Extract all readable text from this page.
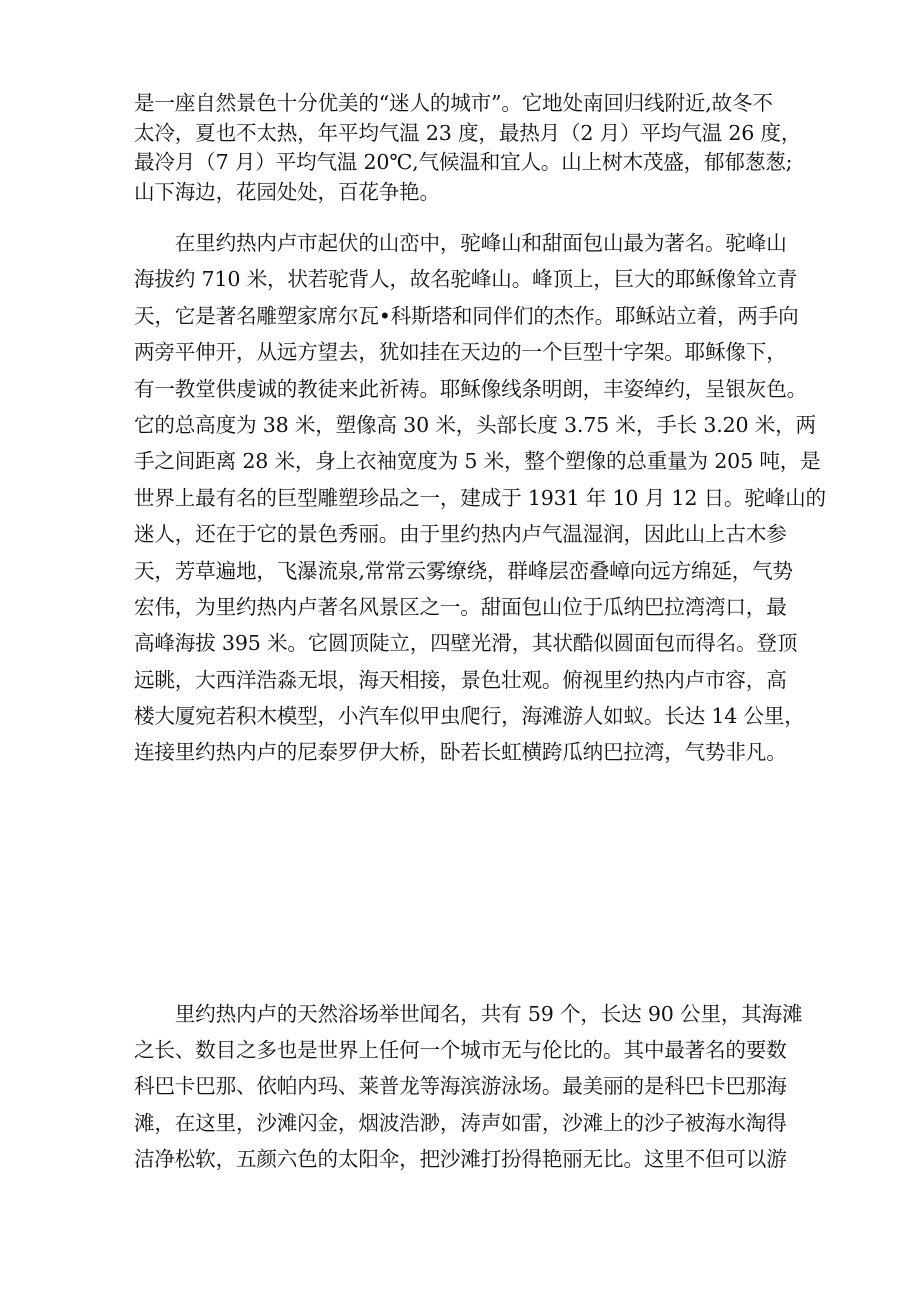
是一座自然景色十分优美的“迷人的城市”。它地处南回归线附近,故冬不
太冷，夏也不太热，年平均气温 23 度，最热月（2 月）平均气温 26 度，
最冷月（7 月）平均气温 20℃,气候温和宜人。山上树木茂盛，郁郁葱葱;
山下海边，花园处处，百花争艳。
　　在里约热内卢市起伏的山峦中，驼峰山和甜面包山最为著名。驼峰山
海拔约 710 米，状若驼背人，故名驼峰山。峰顶上，巨大的耶稣像耸立青
天，它是著名雕塑家席尔瓦•科斯塔和同伴们的杰作。耶稣站立着，两手向
两旁平伸开，从远方望去，犹如挂在天边的一个巨型十字架。耶稣像下，
有一教堂供虔诚的教徒来此祈祷。耶稣像线条明朗，丰姿绰约，呈银灰色。
它的总高度为 38 米，塑像高 30 米，头部长度 3.75 米，手长 3.20 米，两
手之间距离 28 米，身上衣袖宽度为 5 米，整个塑像的总重量为 205 吨，是
世界上最有名的巨型雕塑珍品之一，建成于 1931 年 10 月 12 日。驼峰山的
迷人，还在于它的景色秀丽。由于里约热内卢气温湿润，因此山上古木参
天，芳草遍地，飞瀑流泉,常常云雾缭绕，群峰层峦叠嶂向远方绵延，气势
宏伟，为里约热内卢著名风景区之一。甜面包山位于瓜纳巴拉湾湾口，最
高峰海拔 395 米。它圆顶陡立，四壁光滑，其状酷似圆面包而得名。登顶
远眺，大西洋浩淼无垠，海天相接，景色壮观。俯视里约热内卢市容，高
楼大厦宛若积木模型，小汽车似甲虫爬行，海滩游人如蚁。长达 14 公里，
连接里约热内卢的尼泰罗伊大桥，卧若长虹横跨瓜纳巴拉湾，气势非凡。
　　里约热内卢的天然浴场举世闻名，共有 59 个，长达 90 公里，其海滩
之长、数目之多也是世界上任何一个城市无与伦比的。其中最著名的要数
科巴卡巴那、依帕内玛、莱普龙等海滨游泳场。最美丽的是科巴卡巴那海
滩，在这里，沙滩闪金，烟波浩渺，涛声如雷，沙滩上的沙子被海水淘得
洁净松软，五颜六色的太阳伞，把沙滩打扮得艳丽无比。这里不但可以游
